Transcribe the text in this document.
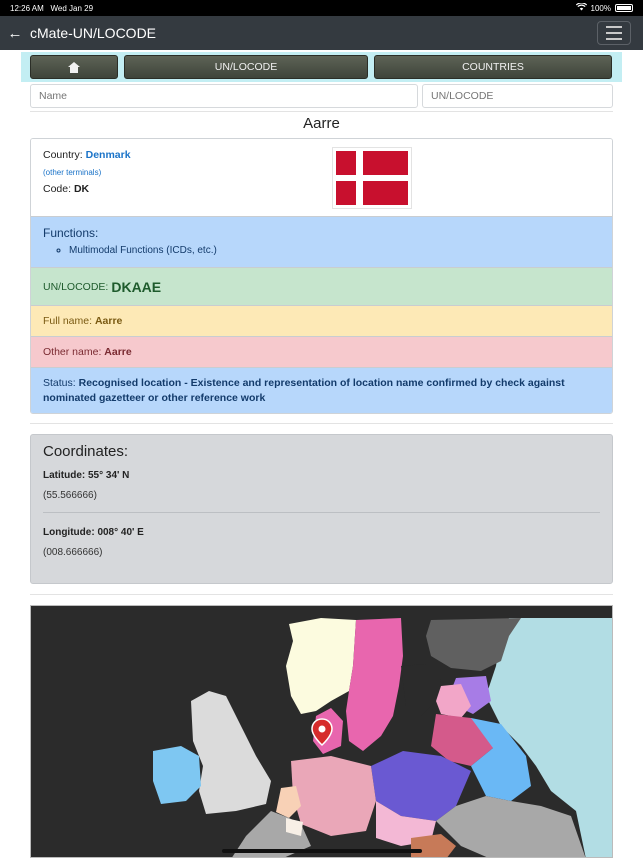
12:26 AM Wed Jan 29	100%
← cMate-UN/LOCODE
UN/LOCODE	COUNTRIES
Name
UN/LOCODE
Aarre
Country: Denmark
(other terminals)
Code: DK
Functions:
◦ Multimodal Functions (ICDs, etc.)
UN/LOCODE: DKAAE
Full name:
Aarre
Other name:
Aarre
Status: Recognised location - Existence and representation of location name confirmed by check against nominated gazetteer or other reference work
Coordinates:
Latitude: 55° 34' N
(55.566666)
Longitude: 008° 40' E
(008.666666)
